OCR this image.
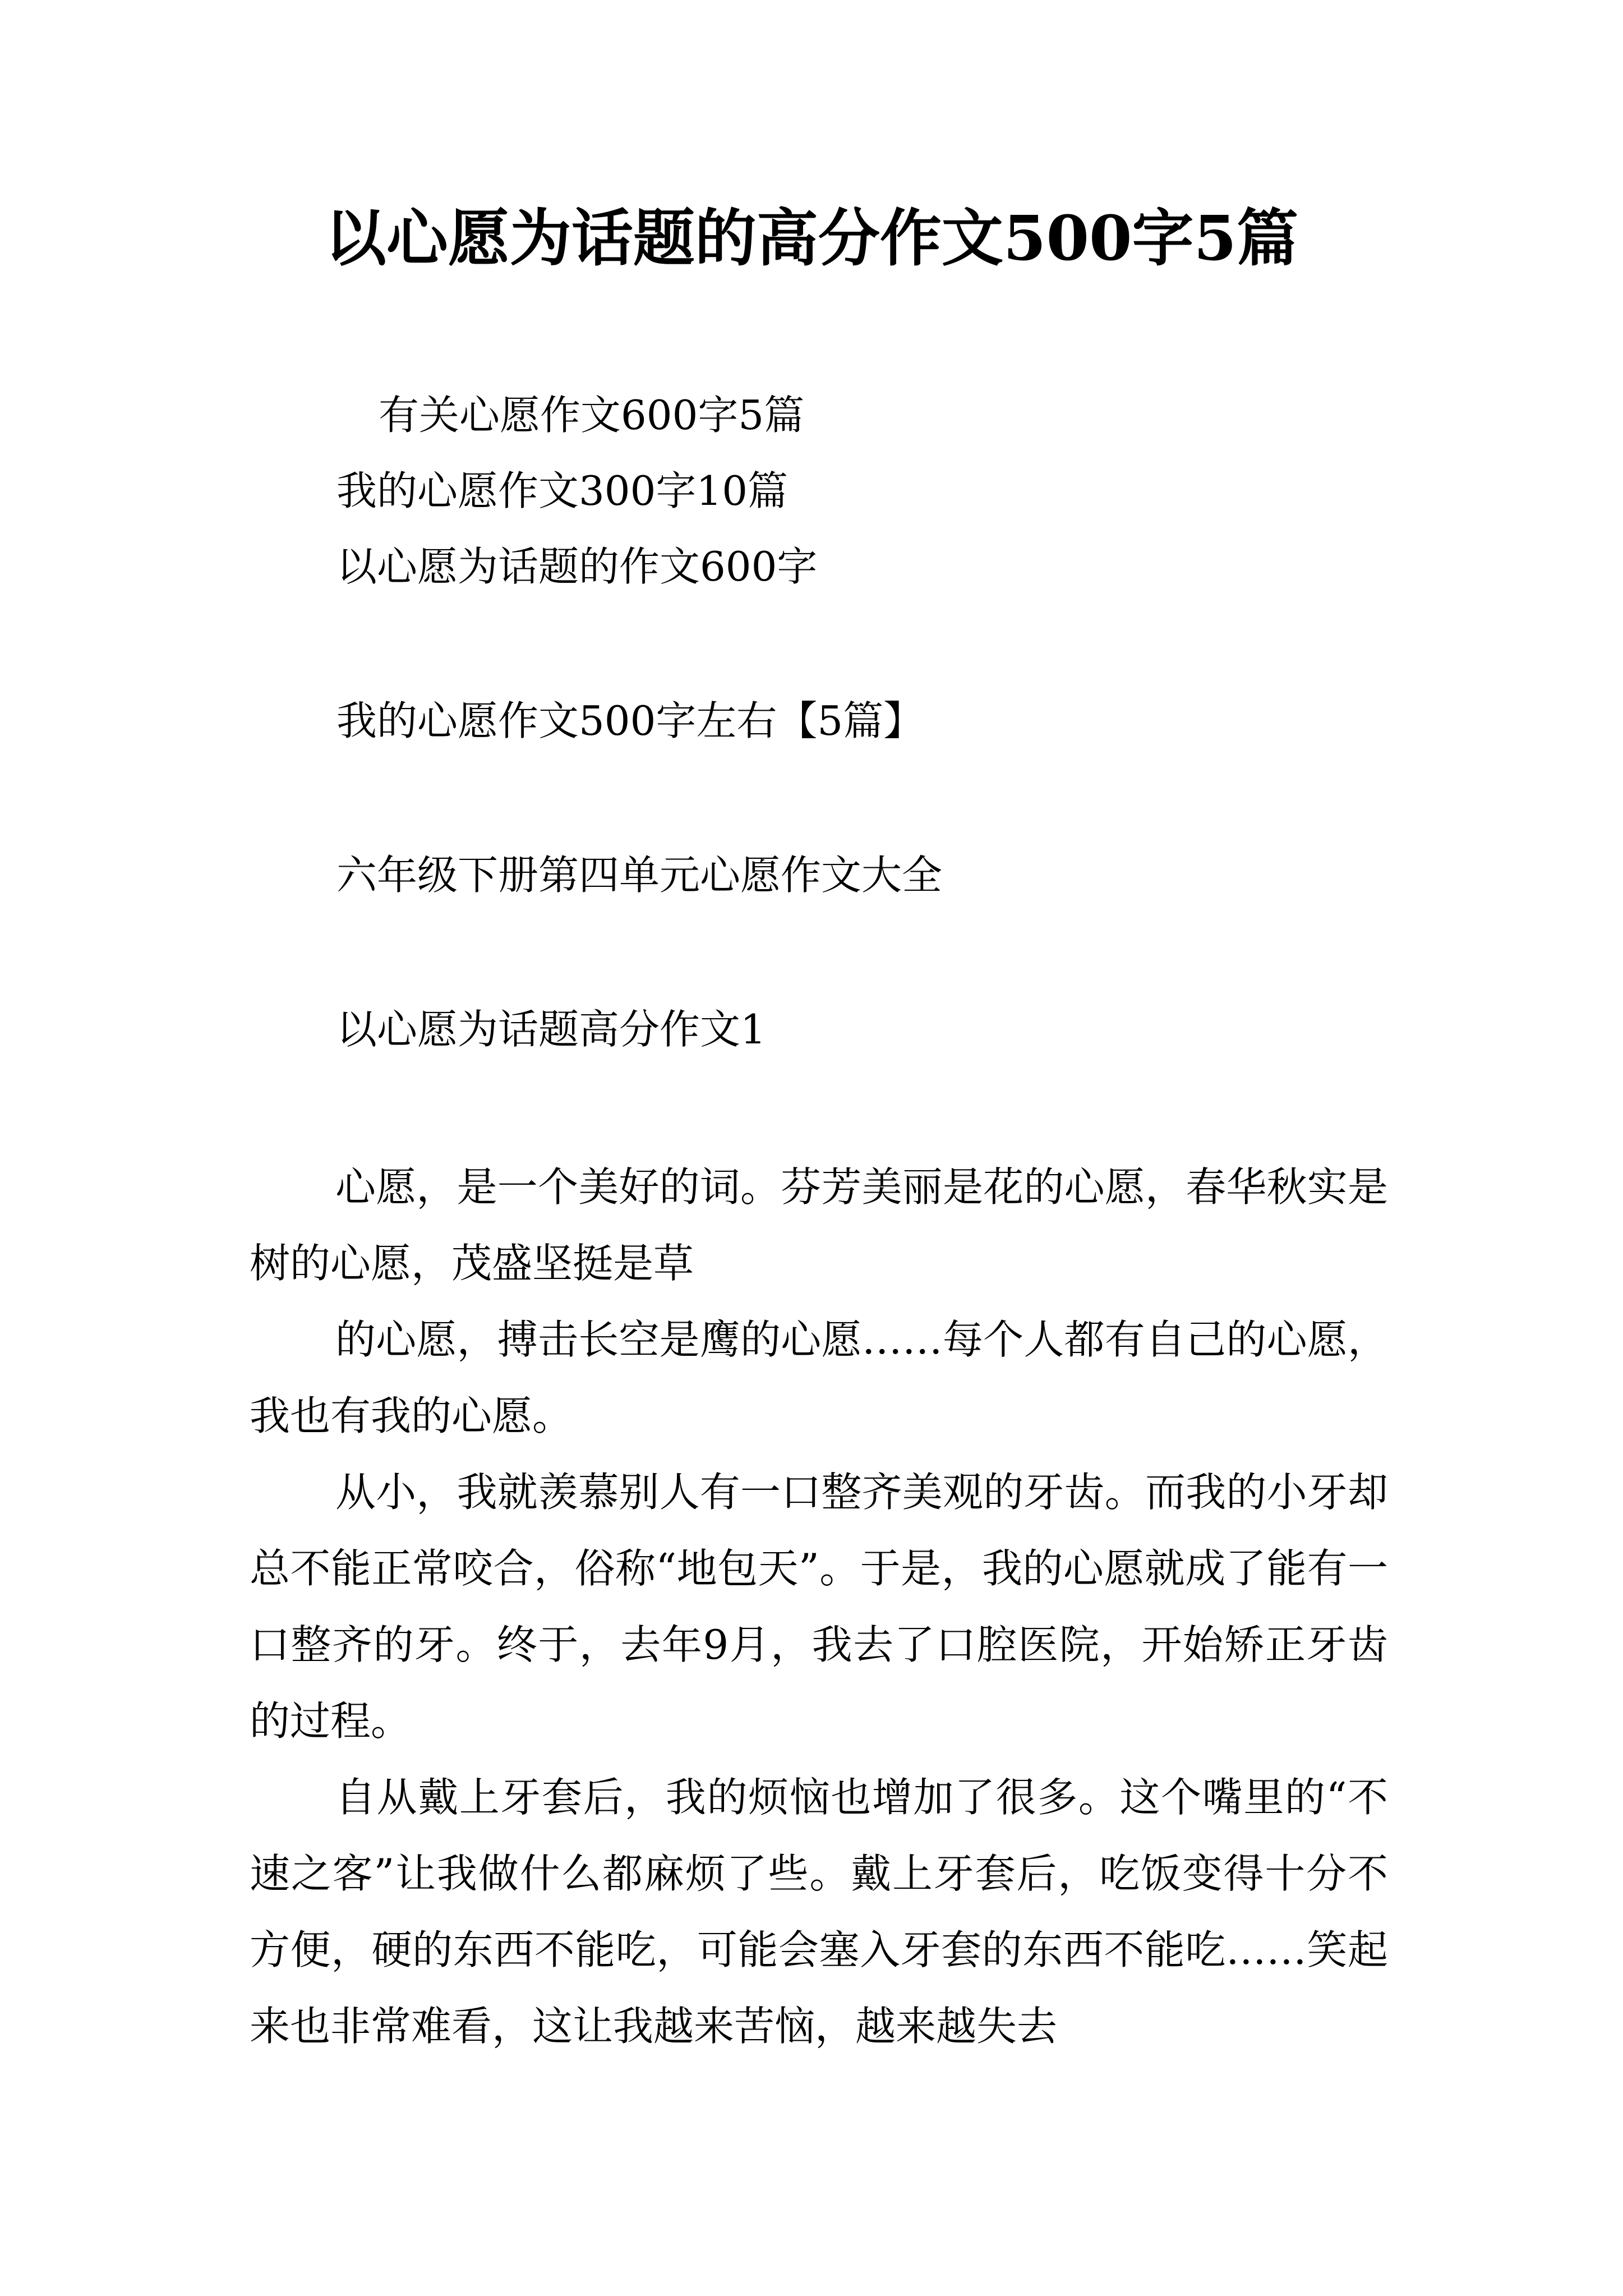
以心愿为话题的高分作文500字5篇
有关心愿作文600字5篇
我的心愿作文300字10篇
以心愿为话题的作文600字
我的心愿作文500字左右【5篇】
六年级下册第四单元心愿作文大全
以心愿为话题高分作文1

心愿，是一个美好的词。芬芳美丽是花的心愿，春华秋实是树的心愿，茂盛坚挺是草

的心愿，搏击长空是鹰的心愿……每个人都有自己的心愿，我也有我的心愿。

从小，我就羡慕别人有一口整齐美观的牙齿。而我的小牙却总不能正常咬合，俗称“地包天”。于是，我的心愿就成了能有一口整齐的牙。终于，去年9月，我去了口腔医院，开始矫正牙齿的过程。

自从戴上牙套后，我的烦恼也增加了很多。这个嘴里的“不速之客”让我做什么都麻烦了些。戴上牙套后，吃饭变得十分不方便，硬的东西不能吃，可能会塞入牙套的东西不能吃……笑起来也非常难看，这让我越来苦恼，越来越失去
